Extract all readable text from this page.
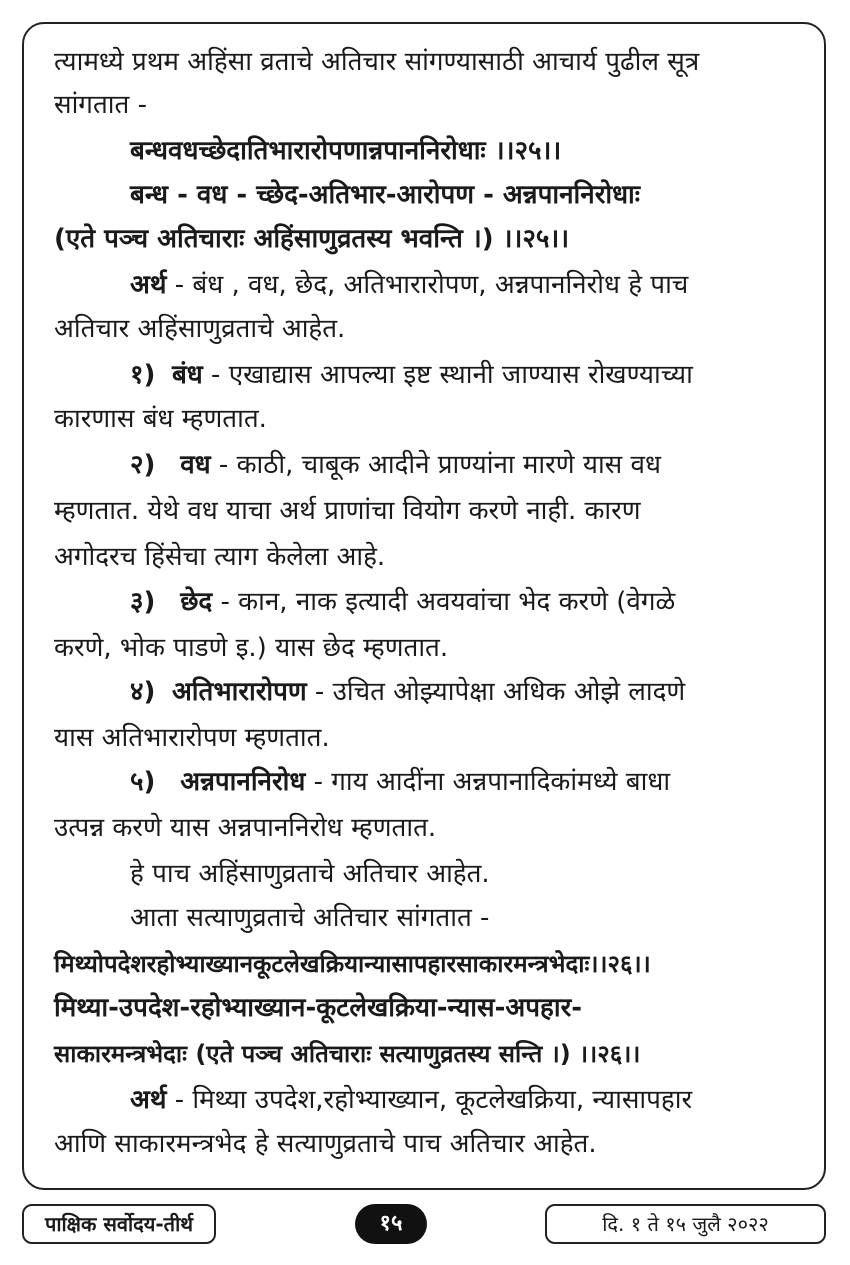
त्यामध्ये प्रथम अहिंसा व्रताचे अतिचार सांगण्यासाठी आचार्य पुढील सूत्र
सांगतात -
बन्धवधच्छेदातिभारारोपणान्नपाननिरोधाः ।।२५।।
बन्ध - वध - च्छेद-अतिभार-आरोपण - अन्नपाननिरोधाः
(एते पञ्च अतिचाराः अहिंसाणुव्रतस्य भवन्ति ।) ।।२५।।
अर्थ - बंध , वध, छेद, अतिभारारोपण, अन्नपाननिरोध हे पाच
अतिचार अहिंसाणुव्रताचे आहेत.
१) बंध - एखाद्यास आपल्या इष्ट स्थानी जाण्यास रोखण्याच्या
कारणास बंध म्हणतात.
२) वध - काठी, चाबूक आदीने प्राण्यांना मारणे यास वध
म्हणतात. येथे वध याचा अर्थ प्राणांचा वियोग करणे नाही. कारण
अगोदरच हिंसेचा त्याग केलेला आहे.
३) छेद - कान, नाक इत्यादी अवयवांचा भेद करणे (वेगळे
करणे, भोक पाडणे इ.) यास छेद म्हणतात.
४) अतिभारारोपण - उचित ओझ्यापेक्षा अधिक ओझे लादणे
यास अतिभारारोपण म्हणतात.
५) अन्नपाननिरोध - गाय आदींना अन्नपानादिकांमध्ये बाधा
उत्पन्न करणे यास अन्नपाननिरोध म्हणतात.
हे पाच अहिंसाणुव्रताचे अतिचार आहेत.
आता सत्याणुव्रताचे अतिचार सांगतात -
मिथ्योपदेशरहोभ्याख्यानकूटलेखक्रियान्यासापहारसाकारमन्त्रभेदाः।।२६।।
मिथ्या-उपदेश-रहोभ्याख्यान-कूटलेखक्रिया-न्यास-अपहार-
साकारमन्त्रभेदाः (एते पञ्च अतिचाराः सत्याणुव्रतस्य सन्ति ।) ।।२६।।
अर्थ - मिथ्या उपदेश,रहोभ्याख्यान, कूटलेखक्रिया, न्यासापहार
आणि साकारमन्त्रभेद हे सत्याणुव्रताचे पाच अतिचार आहेत.
पाक्षिक सर्वोदय-तीर्थ	१५	दि. १ ते १५ जुलै २०२२
